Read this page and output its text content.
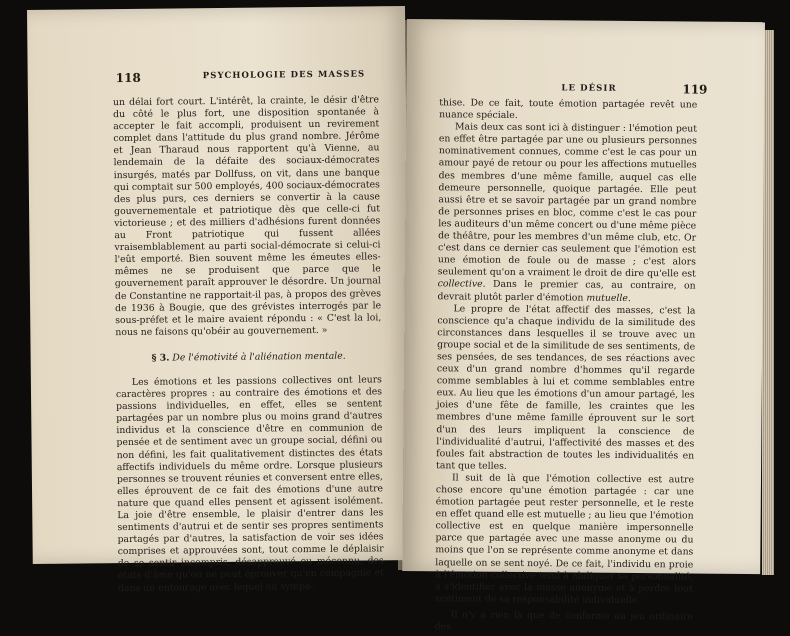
118	PSYCHOLOGIE DES MASSES

un délai fort court. L'intérêt, la crainte, le désir d'être du côté le plus fort, une disposition spontanée à accepter le fait accompli, produisent un revirement complet dans l'attitude du plus grand nombre. Jérôme et Jean Tharaud nous rapportent qu'à Vienne, au lendemain de la défaite des sociaux-démocrates insurgés, matés par Dollfuss, on vit, dans une banque qui comptait sur 500 employés, 400 sociaux-démocrates des plus purs, ces derniers se convertir à la cause gouvernementale et patriotique dès que celle-ci fut victorieuse ; et des milliers d'adhésions furent données au Front patriotique qui fussent allées vraisemblablement au parti social-démocrate si celui-ci l'eût emporté. Bien souvent même les émeutes elles-mêmes ne se produisent que parce que le gouvernement paraît approuver le désordre. Un journal de Constantine ne rapportait-il pas, à propos des grèves de 1936 à Bougie, que des grévistes interrogés par le sous-préfet et le maire avaient répondu : « C'est la loi, nous ne faisons qu'obéir au gouvernement. »

§ 3. De l'émotivité à l'aliénation mentale.

Les émotions et les passions collectives ont leurs caractères propres : au contraire des émotions et des passions individuelles, en effet, elles se sentent partagées par un nombre plus ou moins grand d'autres individus et la conscience d'être en communion de pensée et de sentiment avec un groupe social, défini ou non défini, les fait qualitativement distinctes des états affectifs individuels du même ordre. Lorsque plusieurs personnes se trouvent réunies et conversent entre elles, elles éprouvent de ce fait des émotions d'une autre nature que quand elles pensent et agissent isolément. La joie d'être ensemble, le plaisir d'entrer dans les sentiments d'autrui et de sentir ses propres sentiments partagés par d'autres, la satisfaction de voir ses idées comprises et approuvées sont, tout comme le déplaisir de se sentir incompris, désapprouvé ou méconnu, des états d'âme qu'on ne peut éprouver qu'en compagnie et dans un entourage avec lequel on sympa-

LE DÉSIR	119

thise. De ce fait, toute émotion partagée revêt une nuance spéciale.

Mais deux cas sont ici à distinguer : l'émotion peut en effet être partagée par une ou plusieurs personnes nominativement connues, comme c'est le cas pour un amour payé de retour ou pour les affections mutuelles des membres d'une même famille, auquel cas elle demeure personnelle, quoique partagée. Elle peut aussi être et se savoir partagée par un grand nombre de personnes prises en bloc, comme c'est le cas pour les auditeurs d'un même concert ou d'une même pièce de théâtre, pour les membres d'un même club, etc. Or c'est dans ce dernier cas seulement que l'émotion est une émotion de foule ou de masse ; c'est alors seulement qu'on a vraiment le droit de dire qu'elle est collective. Dans le premier cas, au contraire, on devrait plutôt parler d'émotion mutuelle.

Le propre de l'état affectif des masses, c'est la conscience qu'a chaque individu de la similitude des circonstances dans lesquelles il se trouve avec un groupe social et de la similitude de ses sentiments, de ses pensées, de ses tendances, de ses réactions avec ceux d'un grand nombre d'hommes qu'il regarde comme semblables à lui et comme semblables entre eux. Au lieu que les émotions d'un amour partagé, les joies d'une fête de famille, les craintes que les membres d'une même famille éprouvent sur le sort d'un des leurs impliquent la conscience de l'individualité d'autrui, l'affectivité des masses et des foules fait abstraction de toutes les individualités en tant que telles.

Il suit de là que l'émotion collective est autre chose encore qu'une émotion partagée : car une émotion partagée peut rester personnelle, et le reste en effet quand elle est mutuelle ; au lieu que l'émotion collective est en quelque manière impersonnelle parce que partagée avec une masse anonyme ou du moins que l'on se représente comme anonyme et dans laquelle on se sent noyé. De ce fait, l'individu en proie à l'émotion collective tend à abdiquer sa personnalité, à s'identifier avec la masse anonyme et à perdre tout sentiment de sa responsabilité individuelle.

Il n'y a rien là que de conforme au jeu ordinaire des
